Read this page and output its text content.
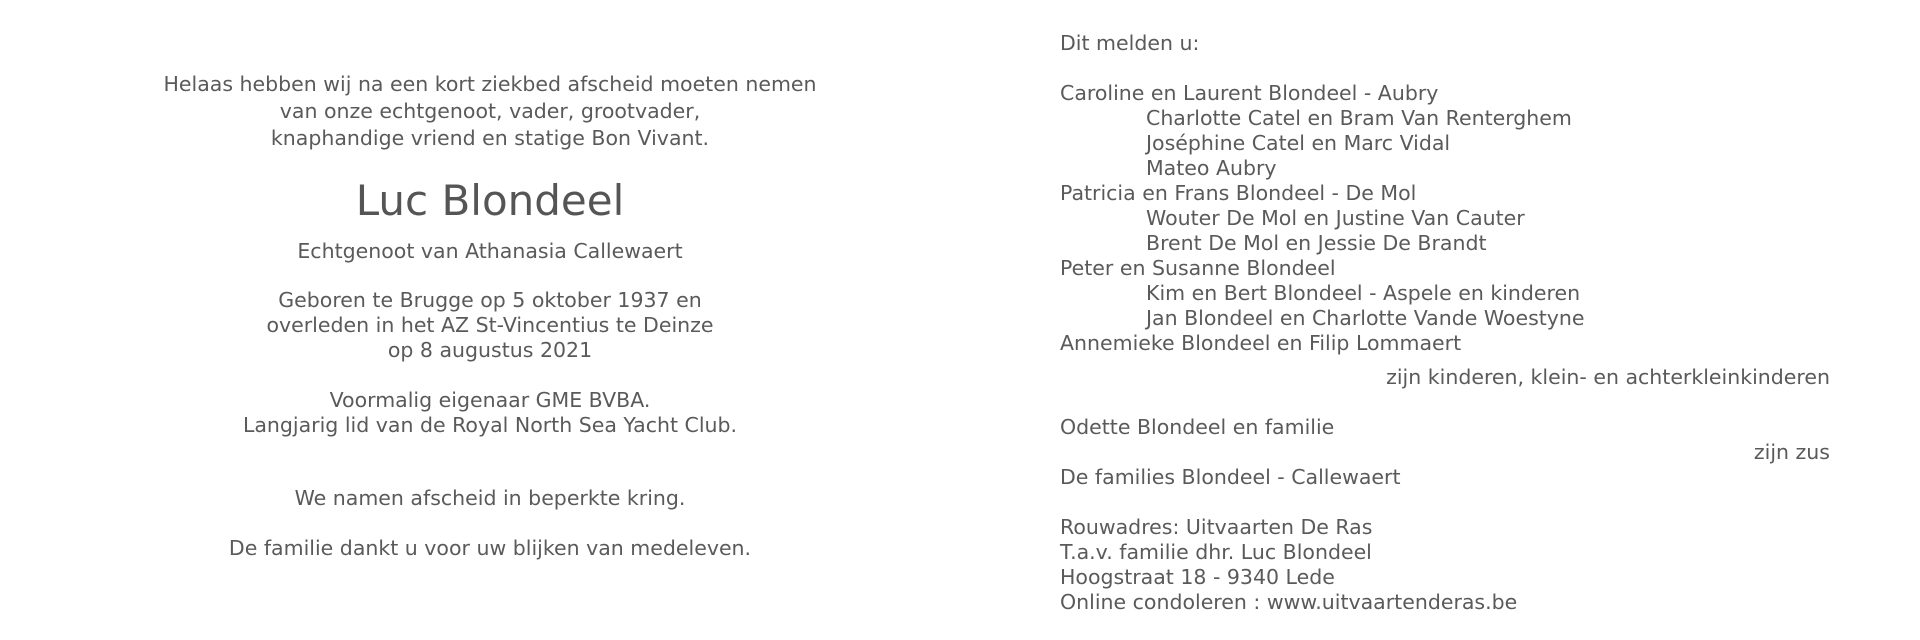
Helaas hebben wij na een kort ziekbed afscheid moeten nemen
van onze echtgenoot, vader, grootvader,
knaphandige vriend en statige Bon Vivant.
Luc Blondeel
Echtgenoot van Athanasia Callewaert
Geboren te Brugge op 5 oktober 1937 en
overleden in het AZ St-Vincentius te Deinze
op 8 augustus 2021
Voormalig eigenaar GME BVBA.
Langjarig lid van de Royal North Sea Yacht Club.
We namen afscheid in beperkte kring.
De familie dankt u voor uw blijken van medeleven.
Dit melden u:
Caroline en Laurent Blondeel - Aubry
Charlotte Catel en Bram Van Renterghem
Joséphine Catel en Marc Vidal
Mateo Aubry
Patricia en Frans Blondeel - De Mol
Wouter De Mol en Justine Van Cauter
Brent De Mol en Jessie De Brandt
Peter en Susanne Blondeel
Kim en Bert Blondeel - Aspele en kinderen
Jan Blondeel en Charlotte Vande Woestyne
Annemieke Blondeel en Filip Lommaert
zijn kinderen, klein- en achterkleinkinderen
Odette Blondeel en familie
zijn zus
De families Blondeel - Callewaert
Rouwadres: Uitvaarten De Ras
T.a.v. familie dhr. Luc Blondeel
Hoogstraat 18 - 9340 Lede
Online condoleren : www.uitvaartenderas.be
